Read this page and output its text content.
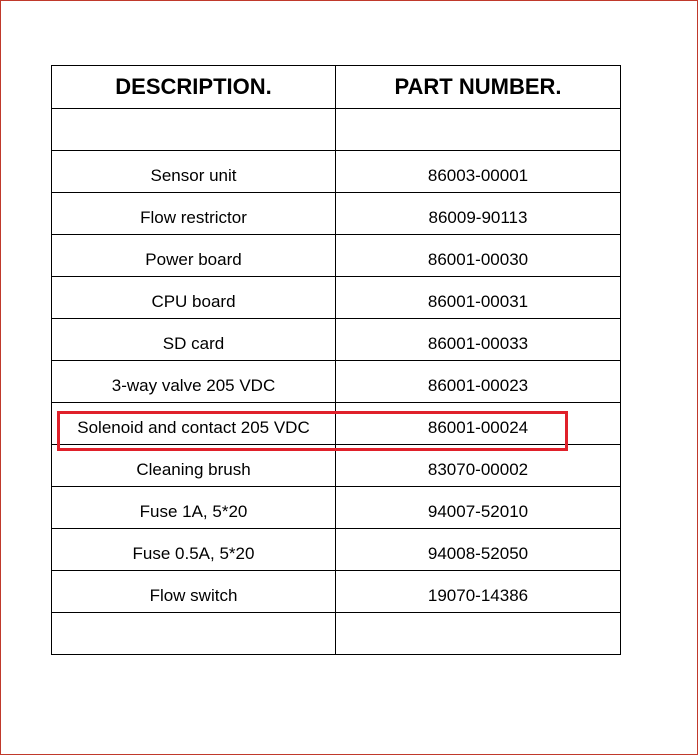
DESCRIPTION.	PART NUMBER.

Sensor unit	86003-00001
Flow restrictor	86009-90113
Power board	86001-00030
CPU board	86001-00031
SD card	86001-00033
3-way valve 205 VDC	86001-00023
Solenoid and contact 205 VDC	86001-00024
Cleaning brush	83070-00002
Fuse 1A, 5*20	94007-52010
Fuse 0.5A, 5*20	94008-52050
Flow switch	19070-14386
